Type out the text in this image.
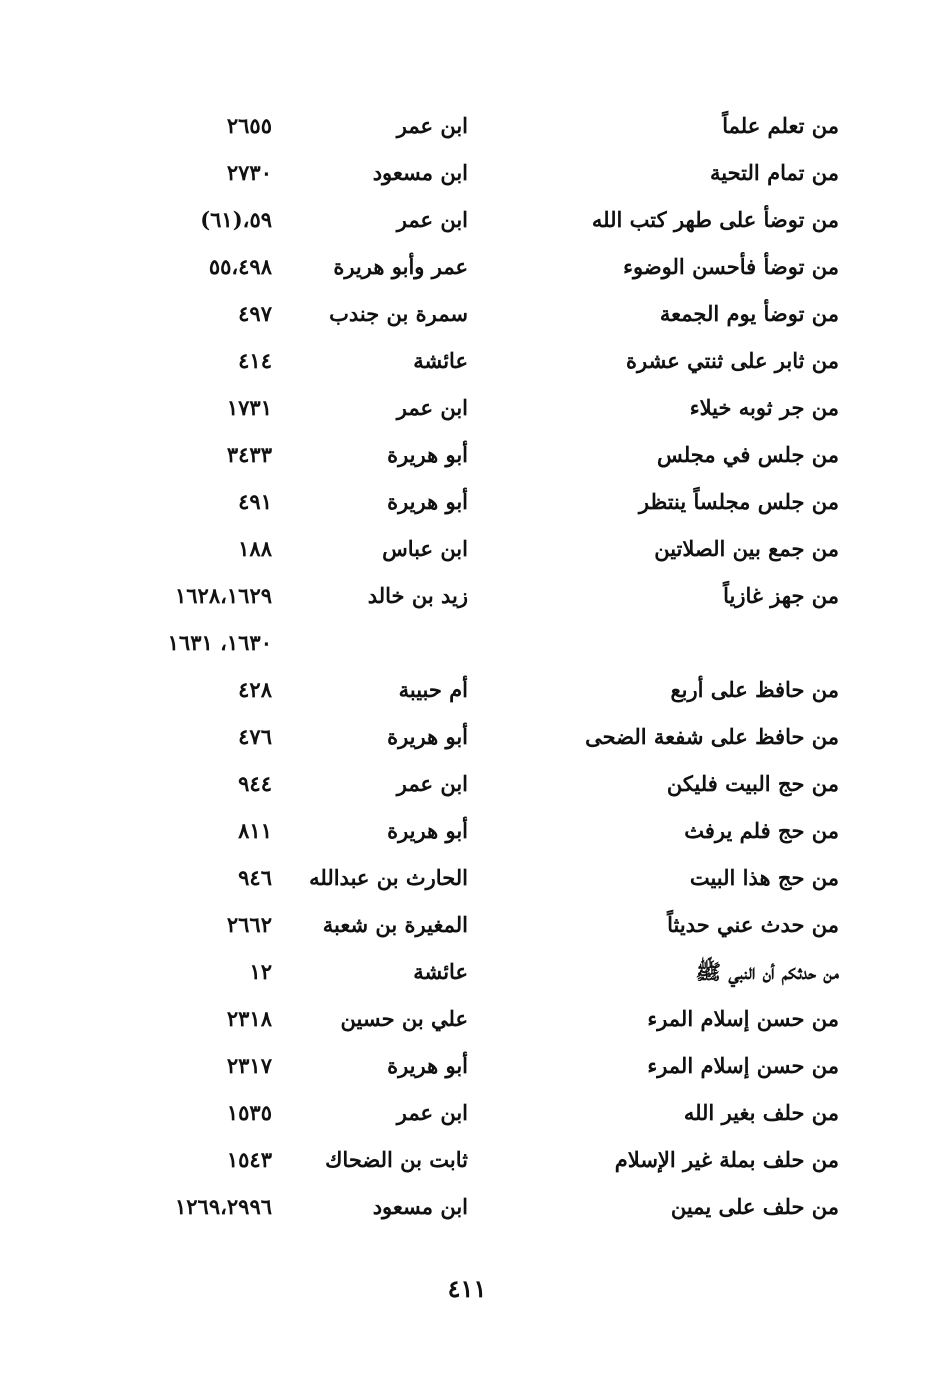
من تعلم علماً
ابن عمر
٢٦٥٥
من تمام التحية
ابن مسعود
٢٧٣٠
من توضأ على طهر كتب الله
ابن عمر
٥٩،(٦١)
من توضأ فأحسن الوضوء
عمر وأبو هريرة
٥٥،٤٩٨
من توضأ يوم الجمعة
سمرة بن جندب
٤٩٧
من ثابر على ثنتي عشرة
عائشة
٤١٤
من جر ثوبه خيلاء
ابن عمر
١٧٣١
من جلس في مجلس
أبو هريرة
٣٤٣٣
من جلس مجلساً ينتظر
أبو هريرة
٤٩١
من جمع بين الصلاتين
ابن عباس
١٨٨
من جهز غازياً
زيد بن خالد
١٦٢٨،١٦٢٩
١٦٣٠، ١٦٣١
من حافظ على أربع
أم حبيبة
٤٢٨
من حافظ على شفعة الضحى
أبو هريرة
٤٧٦
من حج البيت فليكن
ابن عمر
٩٤٤
من حج فلم يرفث
أبو هريرة
٨١١
من حج هذا البيت
الحارث بن عبدالله
٩٤٦
من حدث عني حديثاً
المغيرة بن شعبة
٢٦٦٢
من حدثكم أن النبي ﷺ
عائشة
١٢
من حسن إسلام المرء
علي بن حسين
٢٣١٨
من حسن إسلام المرء
أبو هريرة
٢٣١٧
من حلف بغير الله
ابن عمر
١٥٣٥
من حلف بملة غير الإسلام
ثابت بن الضحاك
١٥٤٣
من حلف على يمين
ابن مسعود
١٢٦٩،٢٩٩٦
٤١١
